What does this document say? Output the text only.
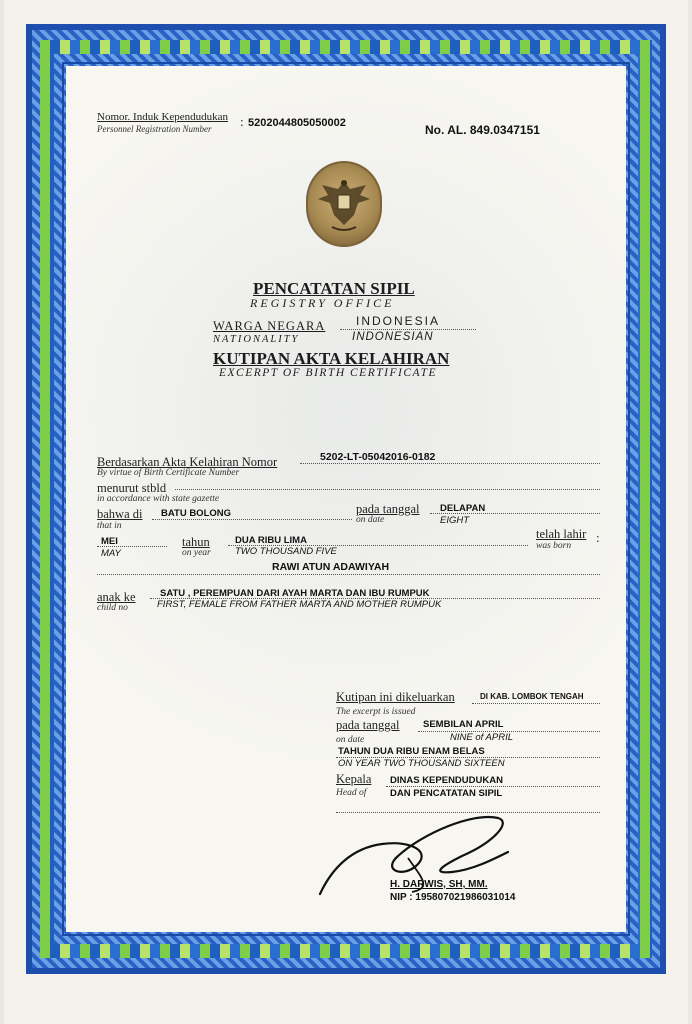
Nomor. Induk Kependudukan
Personnel Registration Number : 5202044805050002	No. AL. 849.0347151
PENCATATAN SIPIL
REGISTRY OFFICE
WARGA NEGARA
NATIONALITY
INDONESIA
INDONESIAN
KUTIPAN AKTA KELAHIRAN
EXCERPT OF BIRTH CERTIFICATE
Berdasarkan Akta Kelahiran Nomor
By virtue of Birth Certificate Number
5202-LT-05042016-0182
menurut stbld
in accordance with state gazette
bahwa di
that in
BATU BOLONG	pada tanggal
on date
DELAPAN
EIGHT
MEI
MAY
tahun
on year
DUA RIBU LIMA
TWO THOUSAND FIVE
telah lahir
was born
:
RAWI ATUN ADAWIYAH
anak ke
child no
SATU , PEREMPUAN DARI AYAH MARTA DAN IBU RUMPUK
FIRST, FEMALE FROM FATHER MARTA AND MOTHER RUMPUK
Kutipan ini dikeluarkan
The excerpt is issued
DI KAB. LOMBOK TENGAH
pada tanggal
on date
SEMBILAN APRIL
NINE of APRIL
TAHUN DUA RIBU ENAM BELAS
ON YEAR TWO THOUSAND SIXTEEN
Kepala
Head of
DINAS KEPENDUDUKAN
DAN PENCATATAN SIPIL
H. DARWIS, SH, MM.
NIP : 195807021986031014
